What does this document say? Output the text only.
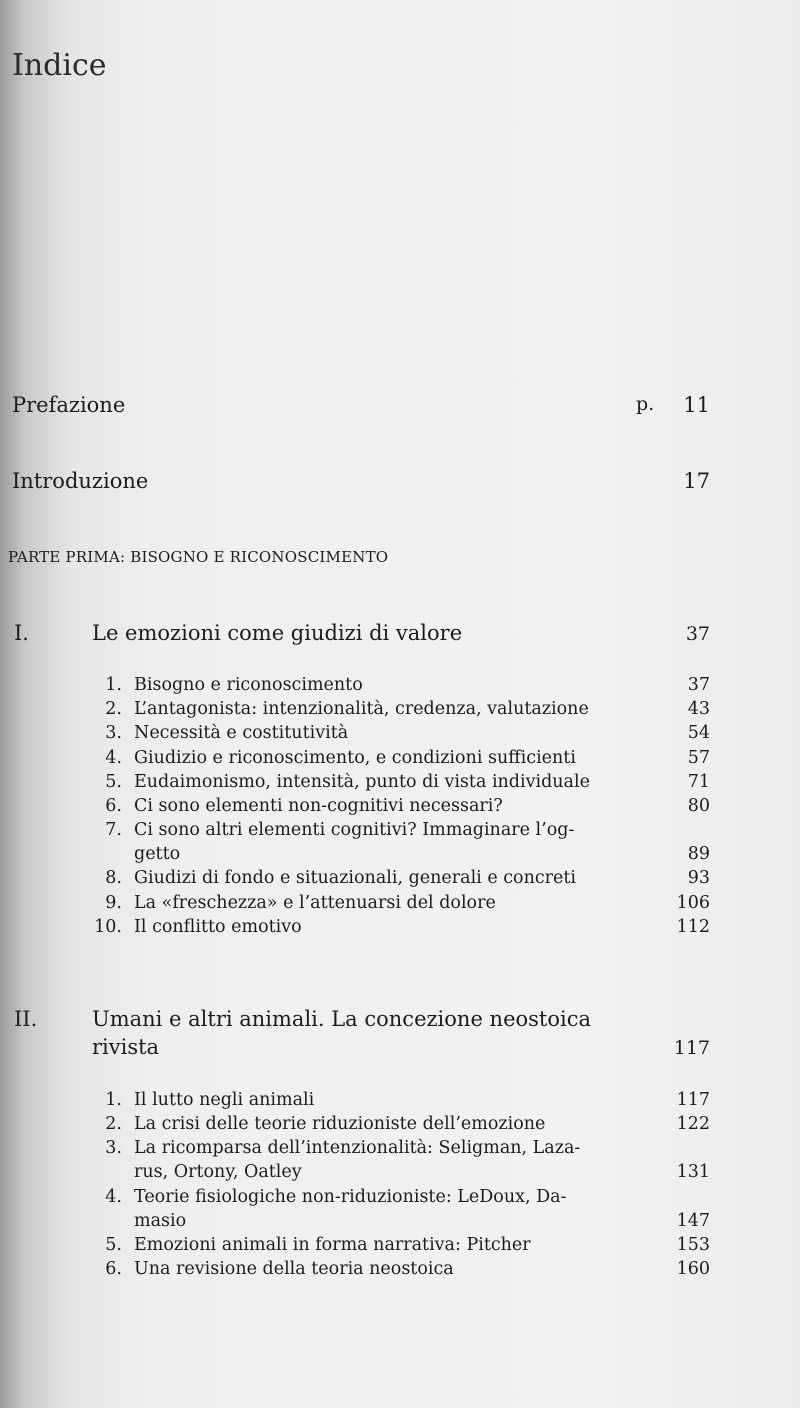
Indice
Prefazione	p. 11
Introduzione	17
PARTE PRIMA: BISOGNO E RICONOSCIMENTO
I.	Le emozioni come giudizi di valore	37
1. Bisogno e riconoscimento	37
2. L’antagonista: intenzionalità, credenza, valutazione	43
3. Necessità e costitutività	54
4. Giudizio e riconoscimento, e condizioni sufficienti	57
5. Eudaimonismo, intensità, punto di vista individuale	71
6. Ci sono elementi non-cognitivi necessari?	80
7. Ci sono altri elementi cognitivi? Immaginare l’og-
getto	89
8. Giudizi di fondo e situazionali, generali e concreti	93
9. La «freschezza» e l’attenuarsi del dolore	106
10. Il conflitto emotivo	112
II.	Umani e altri animali. La concezione neostoica
rivista	117
1. Il lutto negli animali	117
2. La crisi delle teorie riduzioniste dell’emozione	122
3. La ricomparsa dell’intenzionalità: Seligman, Laza-
rus, Ortony, Oatley	131
4. Teorie fisiologiche non-riduzioniste: LeDoux, Da-
masio	147
5. Emozioni animali in forma narrativa: Pitcher	153
6. Una revisione della teoria neostoica	160
